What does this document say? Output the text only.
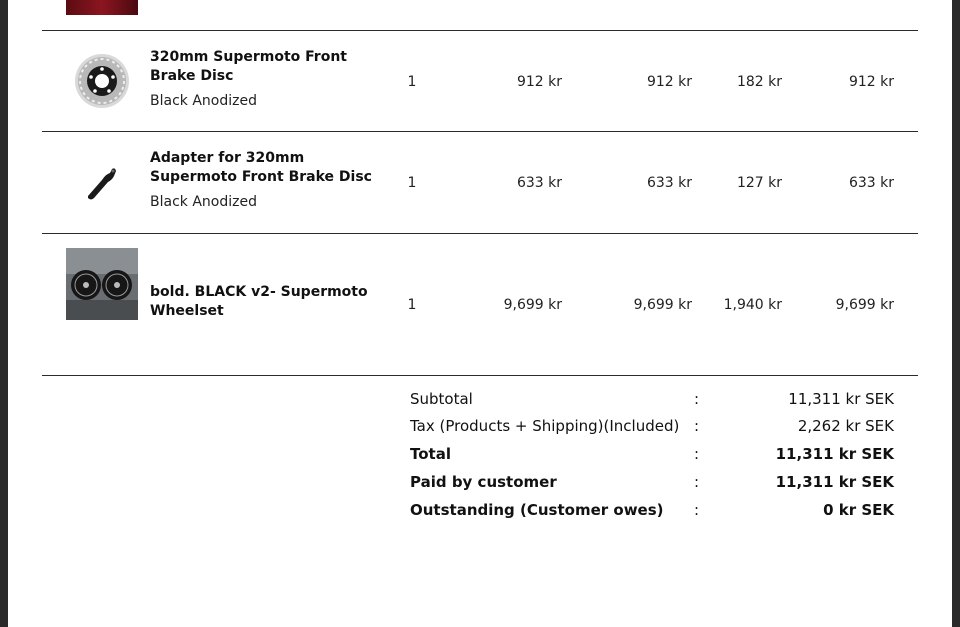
320mm Supermoto Front
Brake Disc
Black Anodized
1	912 kr	912 kr	182 kr	912 kr
Adapter for 320mm
Supermoto Front Brake Disc
Black Anodized
1	633 kr	633 kr	127 kr	633 kr
bold. BLACK v2- Supermoto
Wheelset	1	9,699 kr	9,699 kr	1,940 kr	9,699 kr
Subtotal	:	11,311 kr SEK
Tax (Products + Shipping)(Included) :	2,262 kr SEK
Total	:	11,311 kr SEK
Paid by customer	:	11,311 kr SEK
Outstanding (Customer owes) :	0 kr SEK
